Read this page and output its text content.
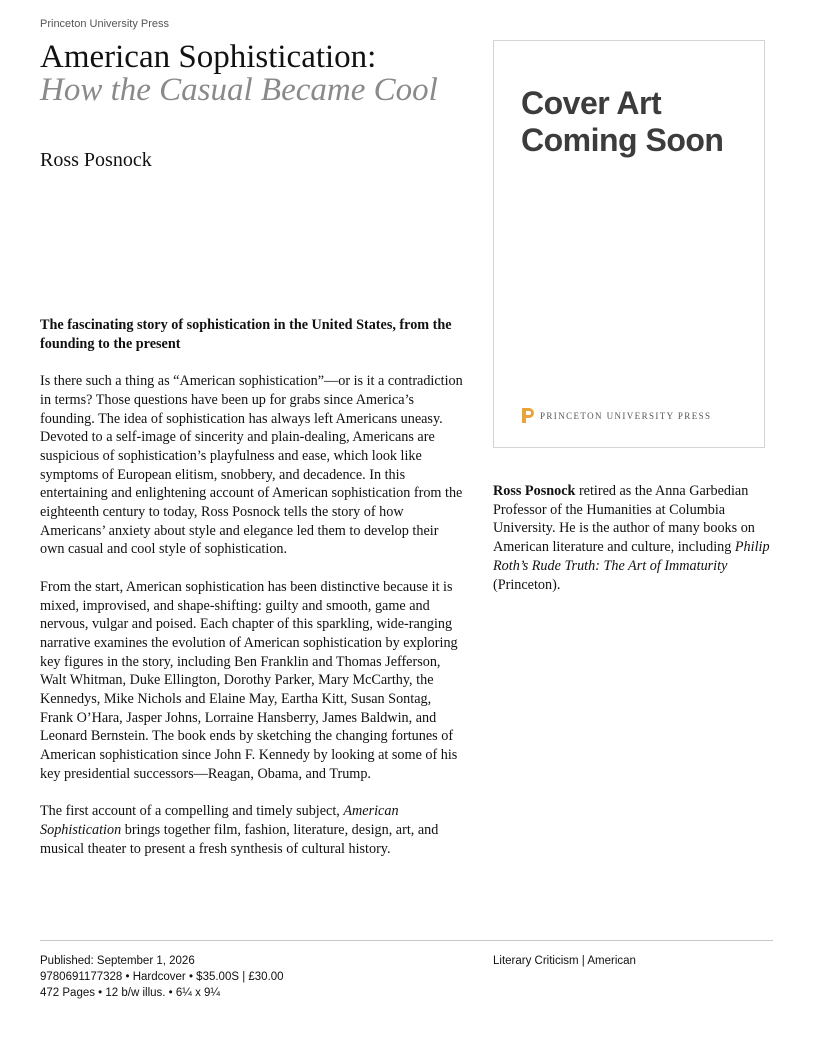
Princeton University Press
American Sophistication:
How the Casual Became Cool
Ross Posnock
Cover Art
Coming Soon
PRINCETON UNIVERSITY PRESS

The fascinating story of sophistication in the United States, from the founding to the present

Is there such a thing as “American sophistication”—or is it a contradiction in terms? Those questions have been up for grabs since America’s founding. The idea of sophistication has always left Americans uneasy. Devoted to a self-image of sincerity and plain-dealing, Americans are suspicious of sophistication’s playfulness and ease, which look like symptoms of European elitism, snobbery, and decadence. In this entertaining and enlightening account of American sophistication from the eighteenth century to today, Ross Posnock tells the story of how Americans’ anxiety about style and elegance led them to develop their own casual and cool style of sophistication.

From the start, American sophistication has been distinctive because it is mixed, improvised, and shape-shifting: guilty and smooth, game and nervous, vulgar and poised. Each chapter of this sparkling, wide-ranging narrative examines the evolution of American sophistication by exploring key figures in the story, including Ben Franklin and Thomas Jefferson, Walt Whitman, Duke Ellington, Dorothy Parker, Mary McCarthy, the Kennedys, Mike Nichols and Elaine May, Eartha Kitt, Susan Sontag, Frank O’Hara, Jasper Johns, Lorraine Hansberry, James Baldwin, and Leonard Bernstein. The book ends by sketching the changing fortunes of American sophistication since John F. Kennedy by looking at some of his key presidential successors—Reagan, Obama, and Trump.

The first account of a compelling and timely subject, American Sophistication brings together film, fashion, literature, design, art, and musical theater to present a fresh synthesis of cultural history.

Ross Posnock retired as the Anna Garbedian Professor of the Humanities at Columbia University. He is the author of many books on American literature and culture, including Philip Roth’s Rude Truth: The Art of Immaturity (Princeton).
Published: September 1, 2026
9780691177328 • Hardcover • $35.00S | £30.00
472 Pages • 12 b/w illus. • 6¼ x 9¼
Literary Criticism | American
